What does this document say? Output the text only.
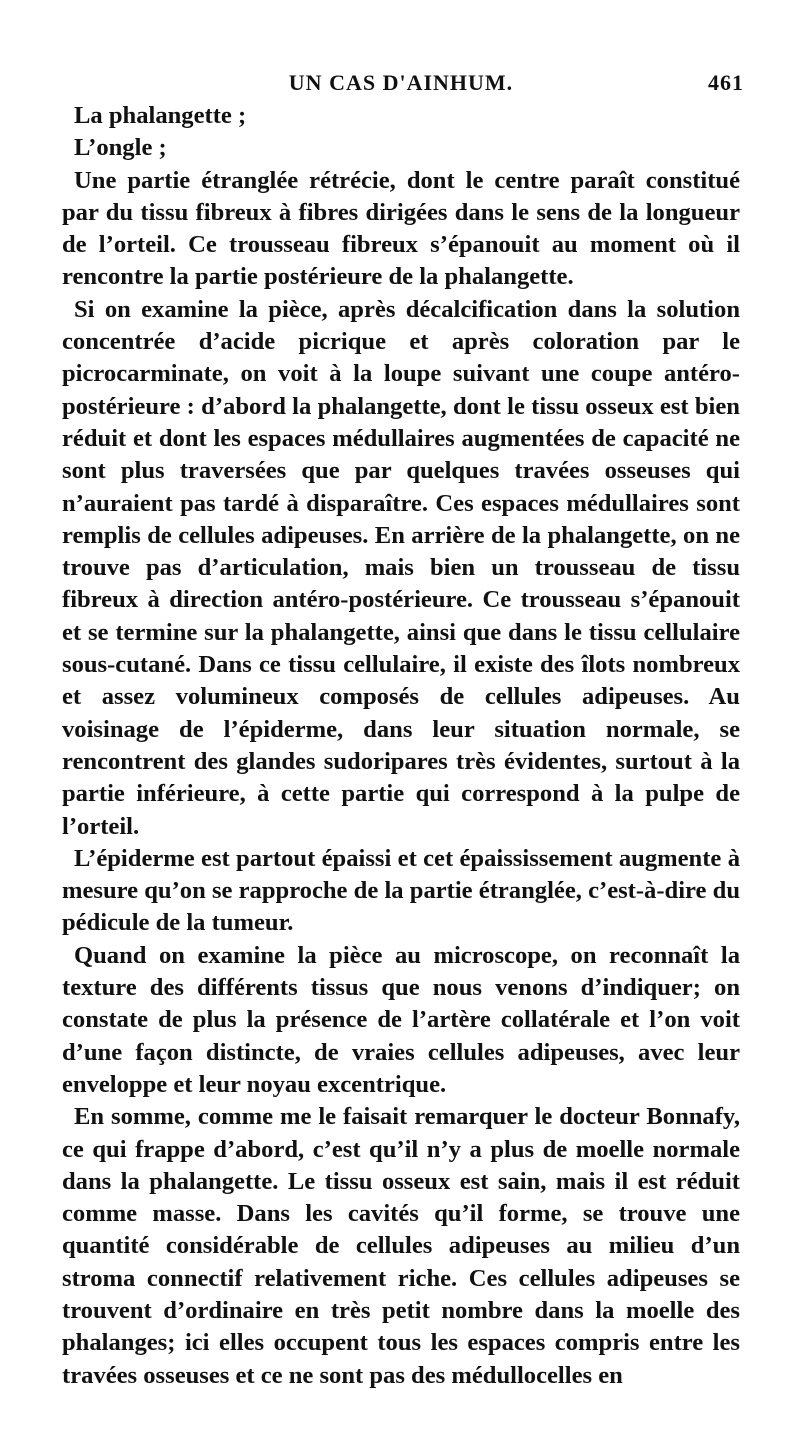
UN CAS D'AINHUM.	461

La phalangette ;

L’ongle ;

Une partie étranglée rétrécie, dont le centre paraît constitué par du tissu fibreux à fibres dirigées dans le sens de la longueur de l’orteil. Ce trousseau fibreux s’épanouit au moment où il rencontre la partie postérieure de la phalangette.

Si on examine la pièce, après décalcification dans la solution concentrée d’acide picrique et après coloration par le picrocarminate, on voit à la loupe suivant une coupe antéro-postérieure : d’abord la phalangette, dont le tissu osseux est bien réduit et dont les espaces médullaires augmentées de capacité ne sont plus traversées que par quelques travées osseuses qui n’auraient pas tardé à disparaître. Ces espaces médullaires sont remplis de cellules adipeuses. En arrière de la phalangette, on ne trouve pas d’articulation, mais bien un trousseau de tissu fibreux à direction antéro-postérieure. Ce trousseau s’épanouit et se termine sur la phalangette, ainsi que dans le tissu cellulaire sous-cutané. Dans ce tissu cellulaire, il existe des îlots nombreux et assez volumineux composés de cellules adipeuses. Au voisinage de l’épiderme, dans leur situation normale, se rencontrent des glandes sudoripares très évidentes, surtout à la partie inférieure, à cette partie qui correspond à la pulpe de l’orteil.

L’épiderme est partout épaissi et cet épaississement augmente à mesure qu’on se rapproche de la partie étranglée, c’est-à-dire du pédicule de la tumeur.

Quand on examine la pièce au microscope, on reconnaît la texture des différents tissus que nous venons d’indiquer; on constate de plus la présence de l’artère collatérale et l’on voit d’une façon distincte, de vraies cellules adipeuses, avec leur enveloppe et leur noyau excentrique.

En somme, comme me le faisait remarquer le docteur Bonnafy, ce qui frappe d’abord, c’est qu’il n’y a plus de moelle normale dans la phalangette. Le tissu osseux est sain, mais il est réduit comme masse. Dans les cavités qu’il forme, se trouve une quantité considérable de cellules adipeuses au milieu d’un stroma connectif relativement riche. Ces cellules adipeuses se trouvent d’ordinaire en très petit nombre dans la moelle des phalanges; ici elles occupent tous les espaces compris entre les travées osseuses et ce ne sont pas des médullocelles en
